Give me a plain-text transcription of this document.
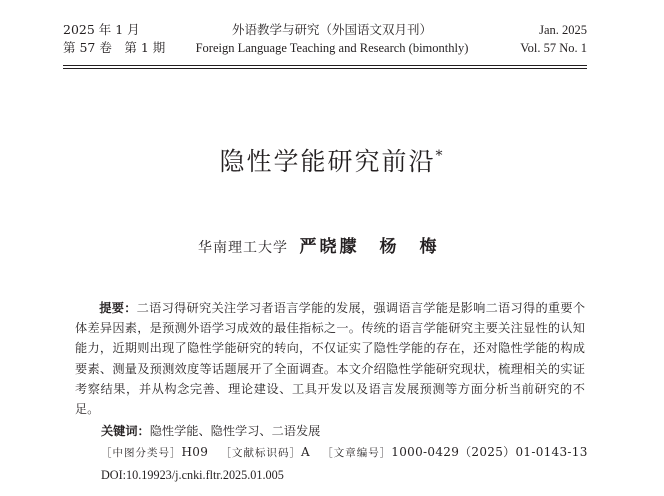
2025 年 1 月
第 57 卷　第 1 期
外语教学与研究（外国语文双月刊）
Foreign Language Teaching and Research (bimonthly)
Jan. 2025
Vol. 57 No. 1
隐性学能研究前沿*
华南理工大学 严晓朦　杨　梅

提要：二语习得研究关注学习者语言学能的发展，强调语言学能是影响二语习得的重要个体差异因素，是预测外语学习成效的最佳指标之一。传统的语言学能研究主要关注显性的认知能力，近期则出现了隐性学能研究的转向，不仅证实了隐性学能的存在，还对隐性学能的构成要素、测量及预测效度等话题展开了全面调查。本文介绍隐性学能研究现状，梳理相关的实证考察结果，并从构念完善、理论建设、工具开发以及语言发展预测等方面分析当前研究的不足。

关键词：隐性学能、隐性学习、二语发展

［中图分类号］H09 ［文献标识码］A ［文章编号］1000-0429（2025）01-0143-13

DOI:10.19923/j.cnki.fltr.2025.01.005
